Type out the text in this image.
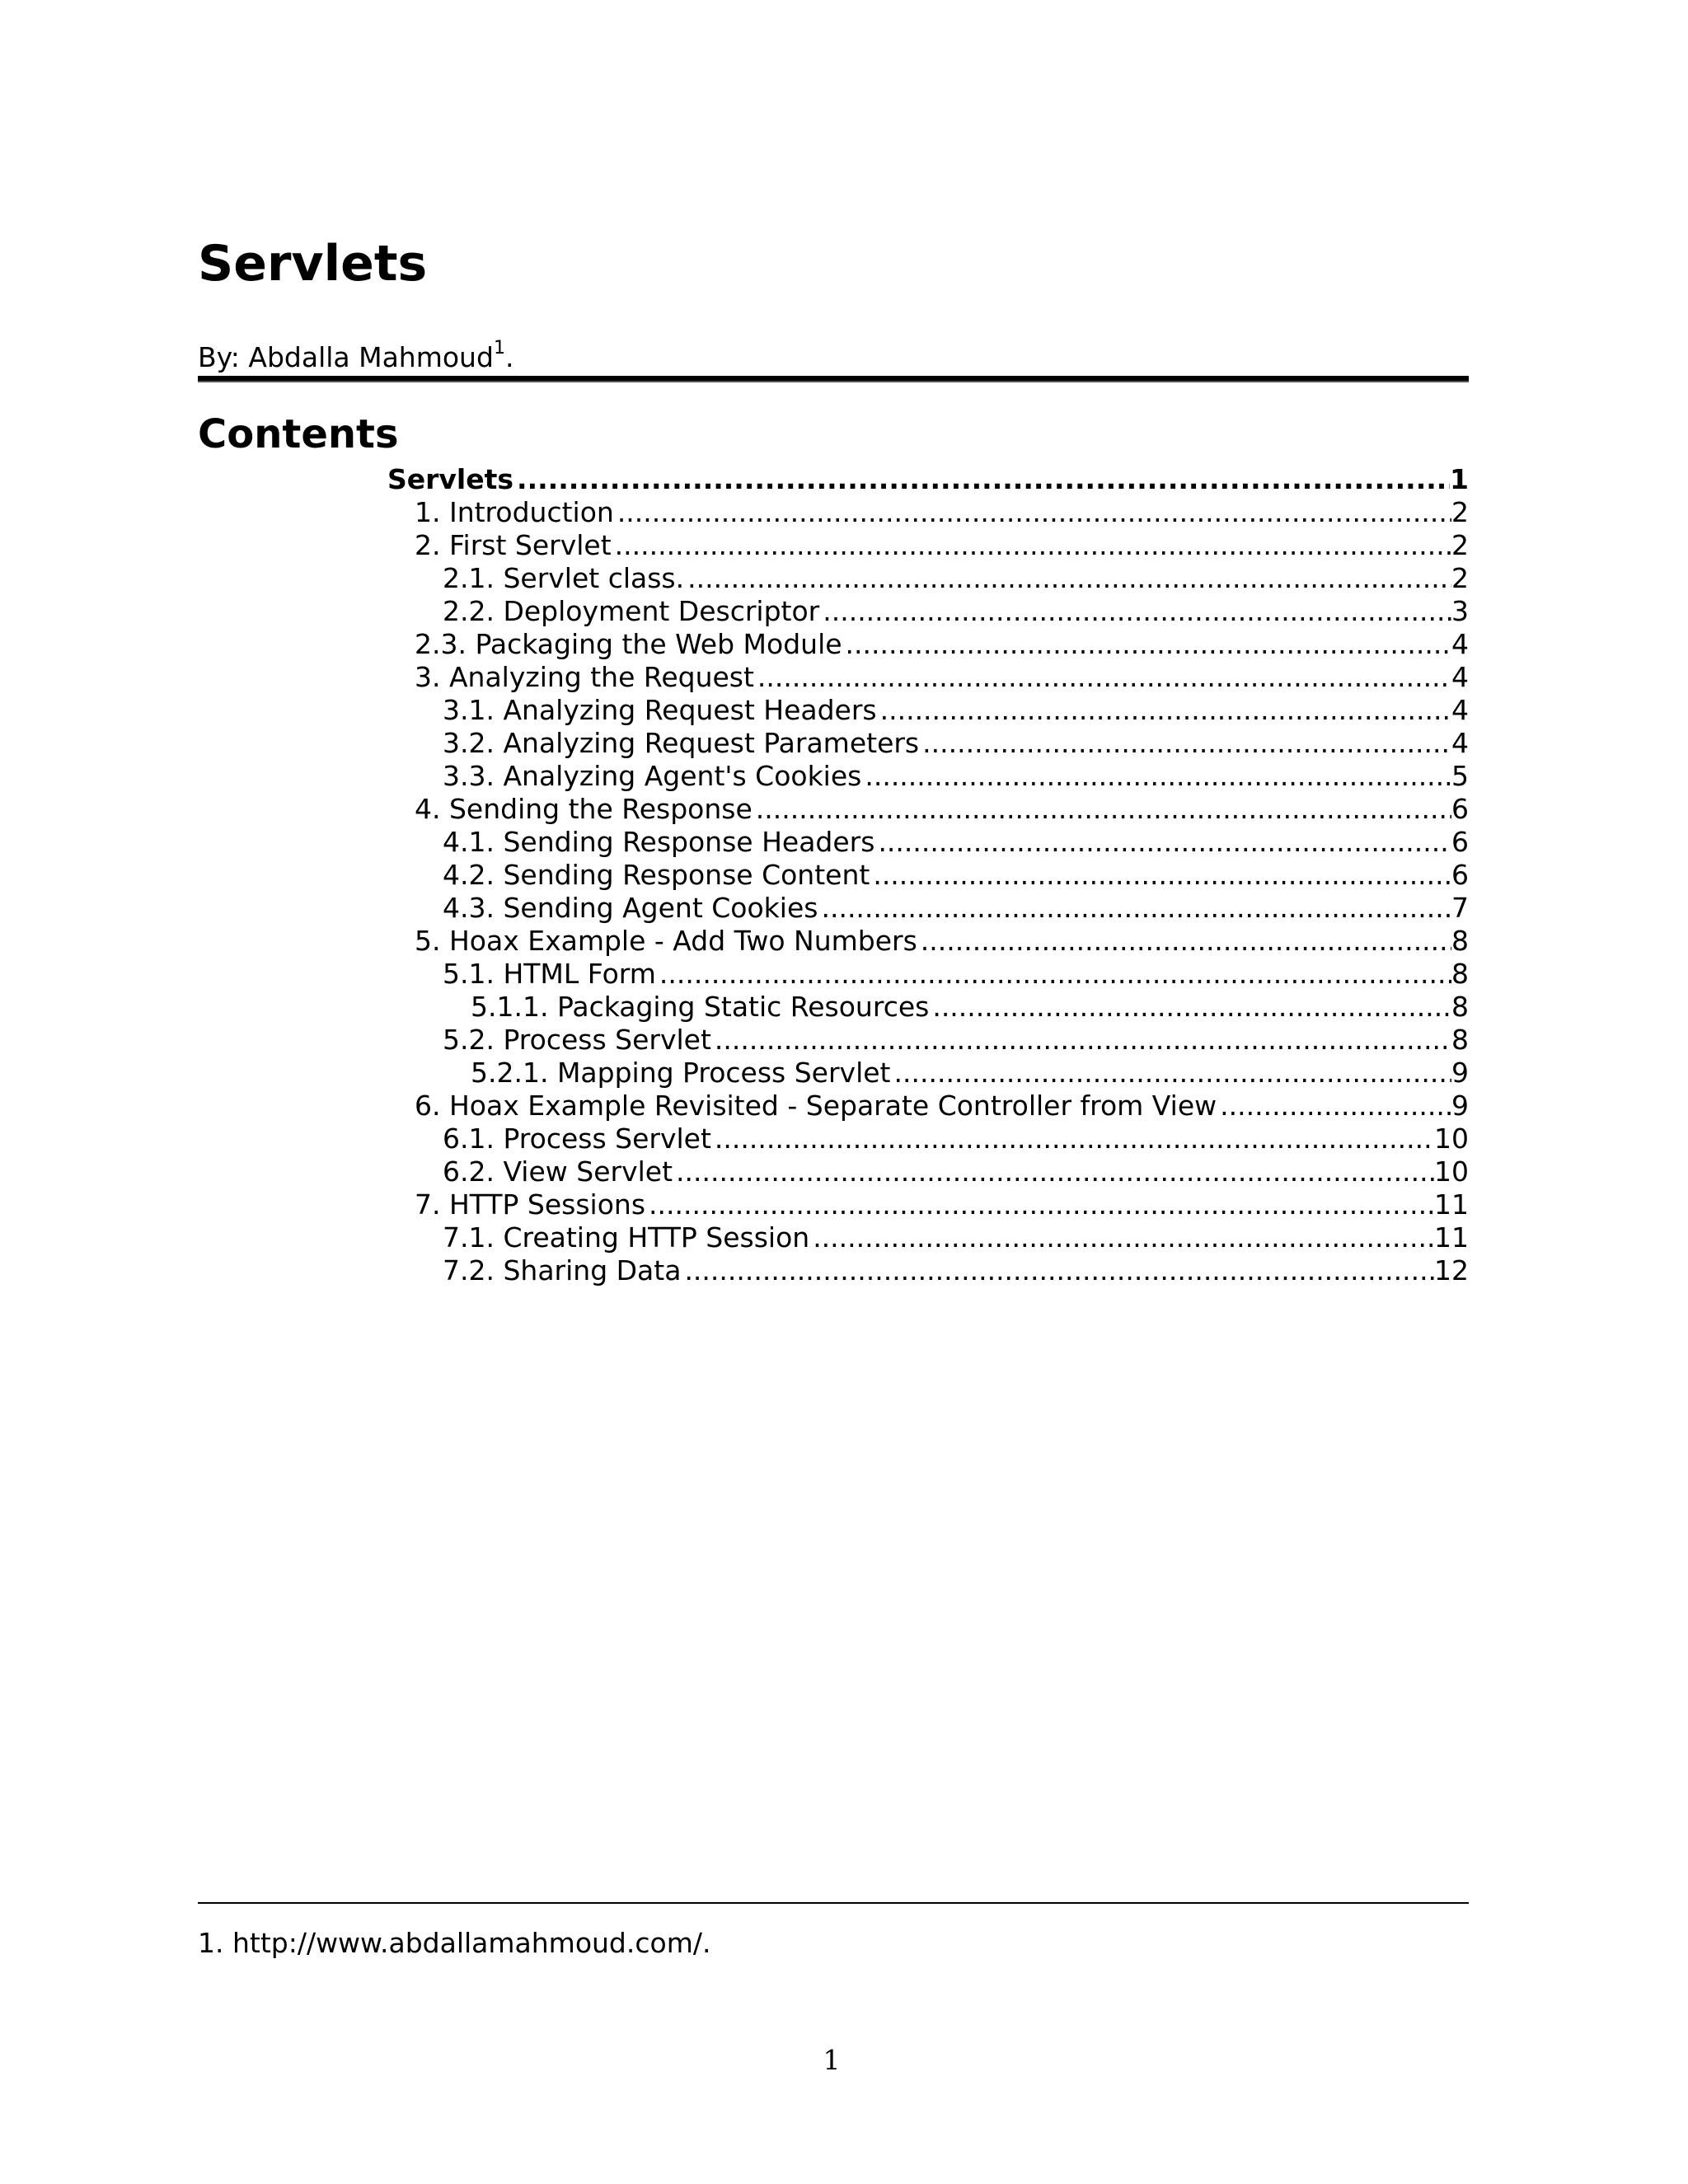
Servlets
By: Abdalla Mahmoud$^1$.
Contents
Servlets .....	1
1. Introduction .....	2
2. First Servlet .....	2
2.1. Servlet class. .....	2
2.2. Deployment Descriptor .....	3
2.3. Packaging the Web Module .....	4
3. Analyzing the Request .....	4
3.1. Analyzing Request Headers .....	4
3.2. Analyzing Request Parameters .....	4
3.3. Analyzing Agent's Cookies .....	5
4. Sending the Response .....	6
4.1. Sending Response Headers .....	6
4.2. Sending Response Content .....	6
4.3. Sending Agent Cookies .....	7
5. Hoax Example - Add Two Numbers .....	8
5.1. HTML Form .....	8
5.1.1. Packaging Static Resources .....	8
5.2. Process Servlet .....	8
5.2.1. Mapping Process Servlet .....	9
6. Hoax Example Revisited - Separate Controller from View .....	9
6.1. Process Servlet .....	10
6.2. View Servlet .....	10
7. HTTP Sessions .....	11
7.1. Creating HTTP Session .....	11
7.2. Sharing Data .....	12
1. http://www.abdallamahmoud.com/.
1
